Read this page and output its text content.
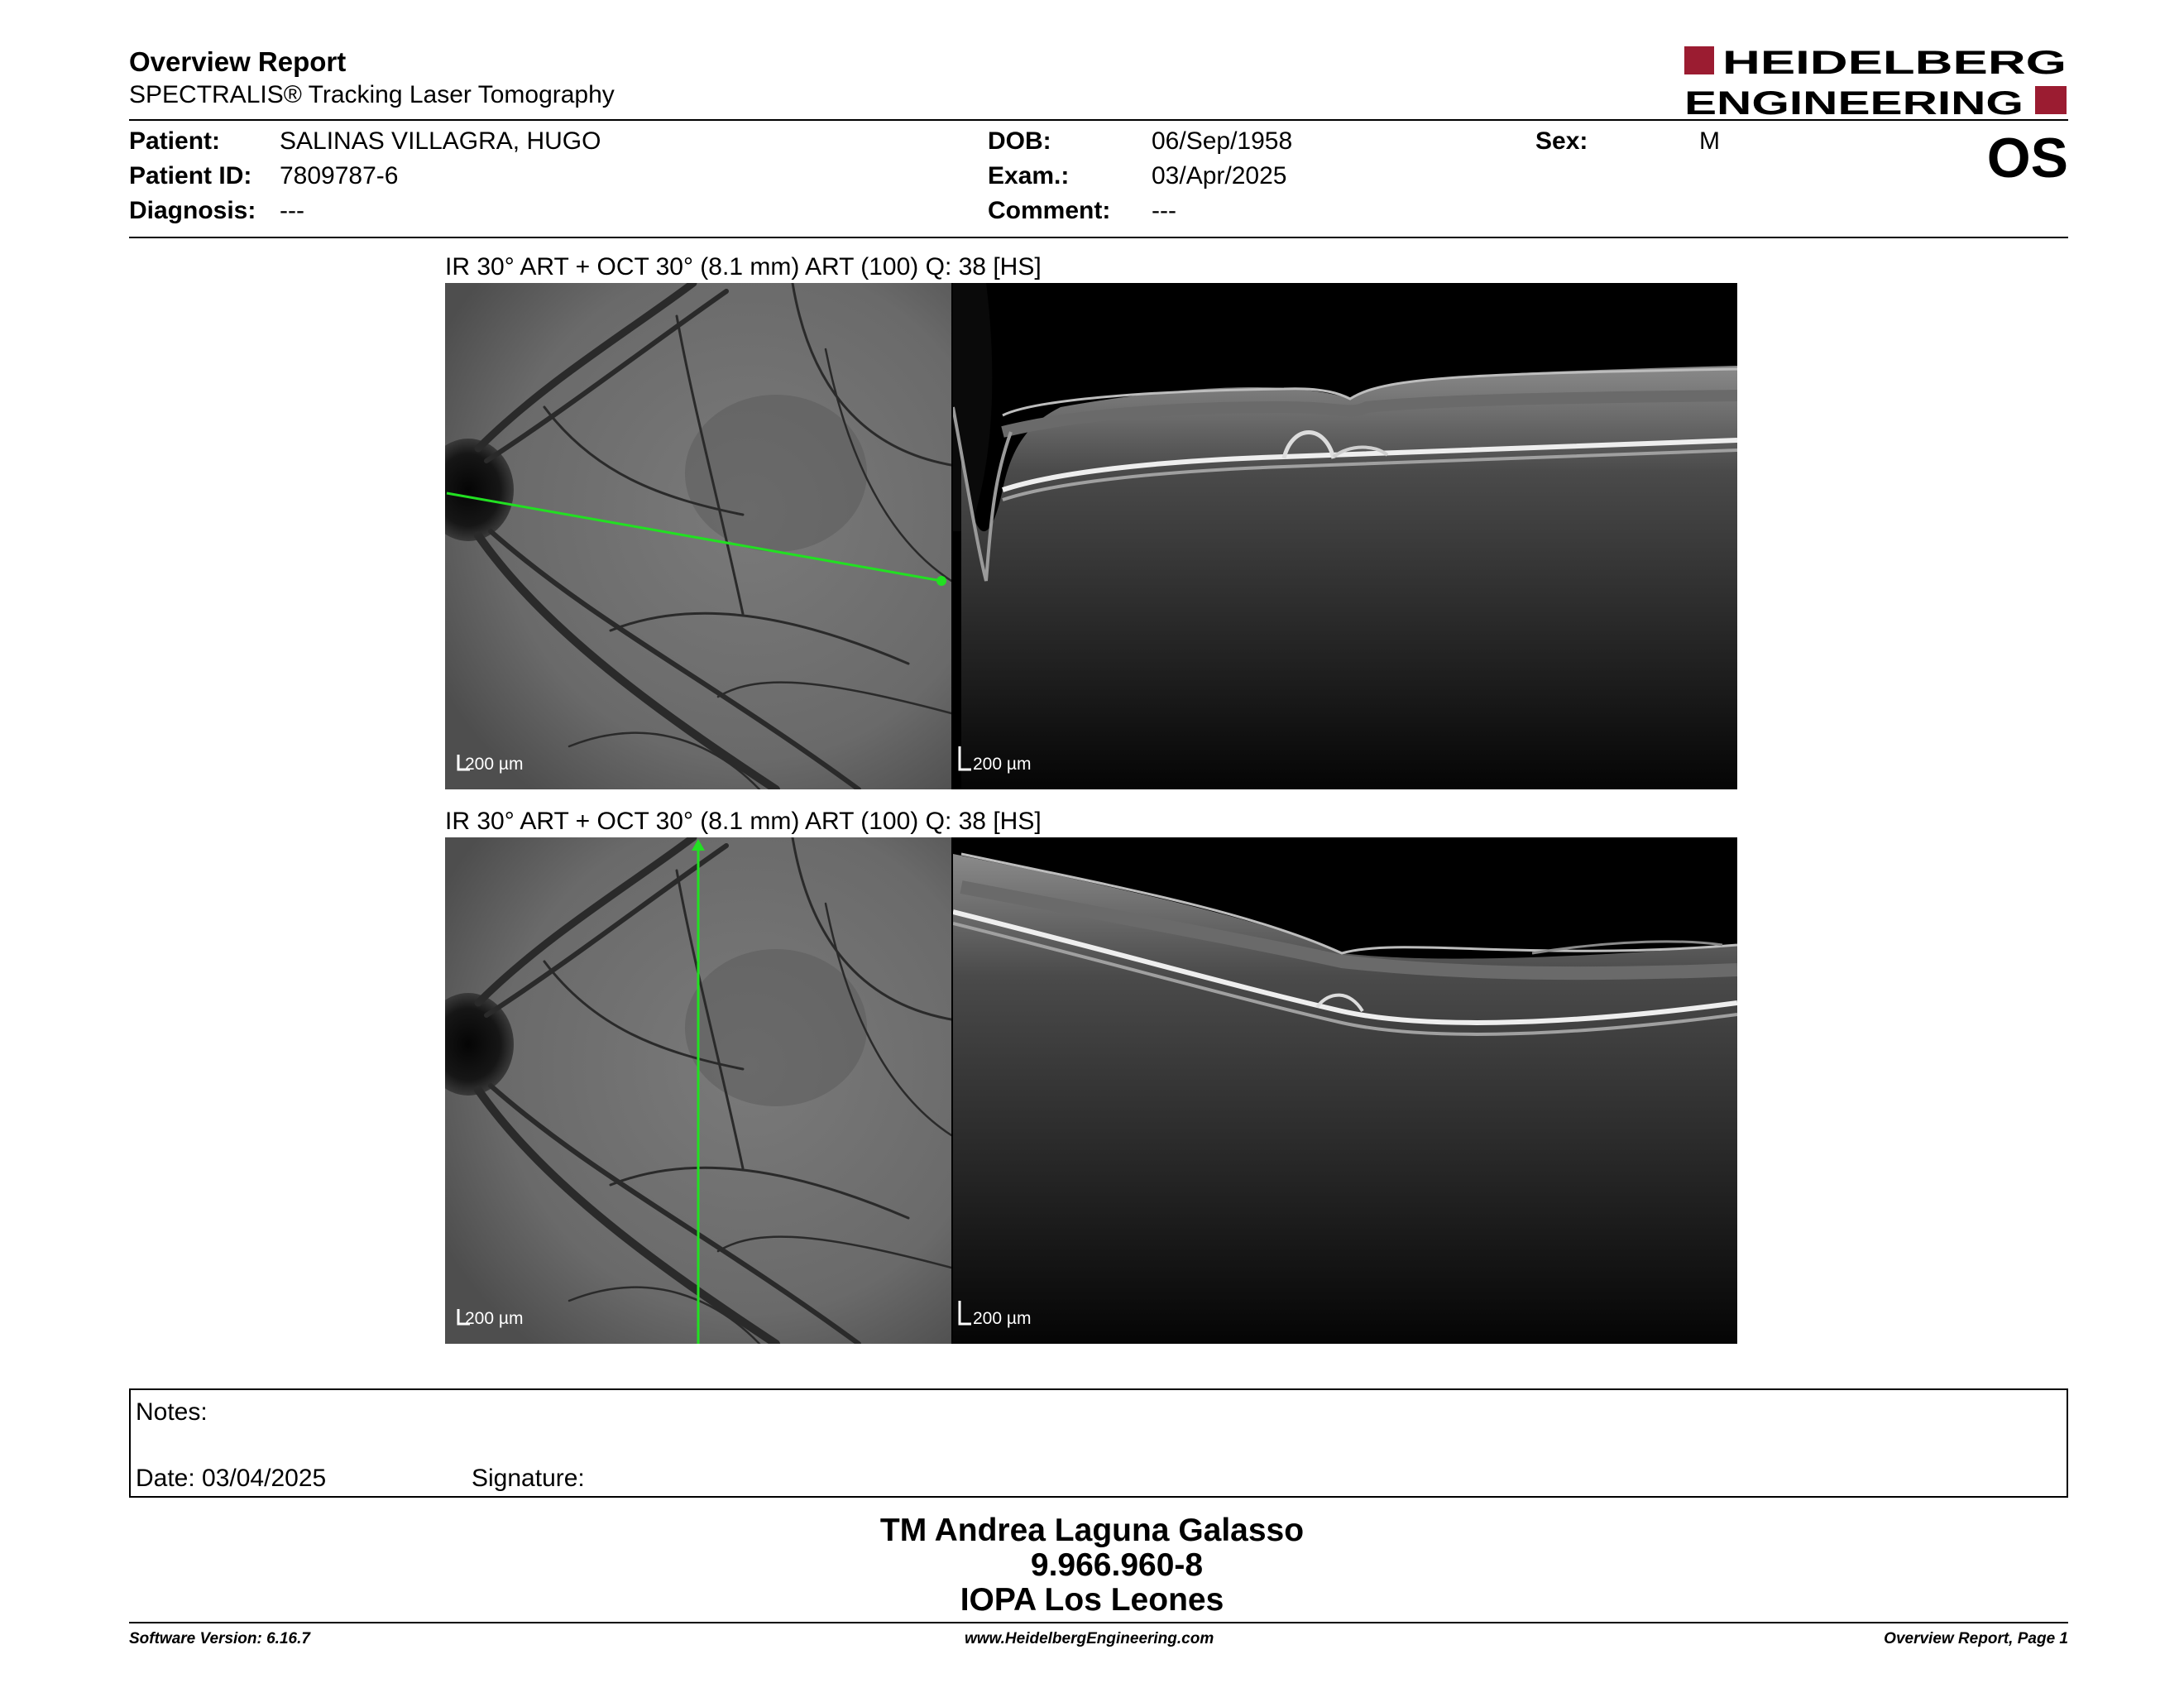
Overview Report
SPECTRALIS® Tracking Laser Tomography
HEIDELBERG
ENGINEERING
Patient: SALINAS VILLAGRA, HUGO
Patient ID: 7809787-6
Diagnosis: ---
DOB:	06/Sep/1958
Exam.:	03/Apr/2025
Comment: ---
Sex:	M	OS
IR 30° ART + OCT 30° (8.1 mm) ART (100) Q: 38 [HS]
200 µm	200 µm
IR 30° ART + OCT 30° (8.1 mm) ART (100) Q: 38 [HS]
200 µm	200 µm
Notes:
Date: 03/04/2025	Signature:
TM Andrea Laguna Galasso
9.966.960-8
IOPA Los Leones
Software Version: 6.16.7	www.HeidelbergEngineering.com	Overview Report, Page 1
